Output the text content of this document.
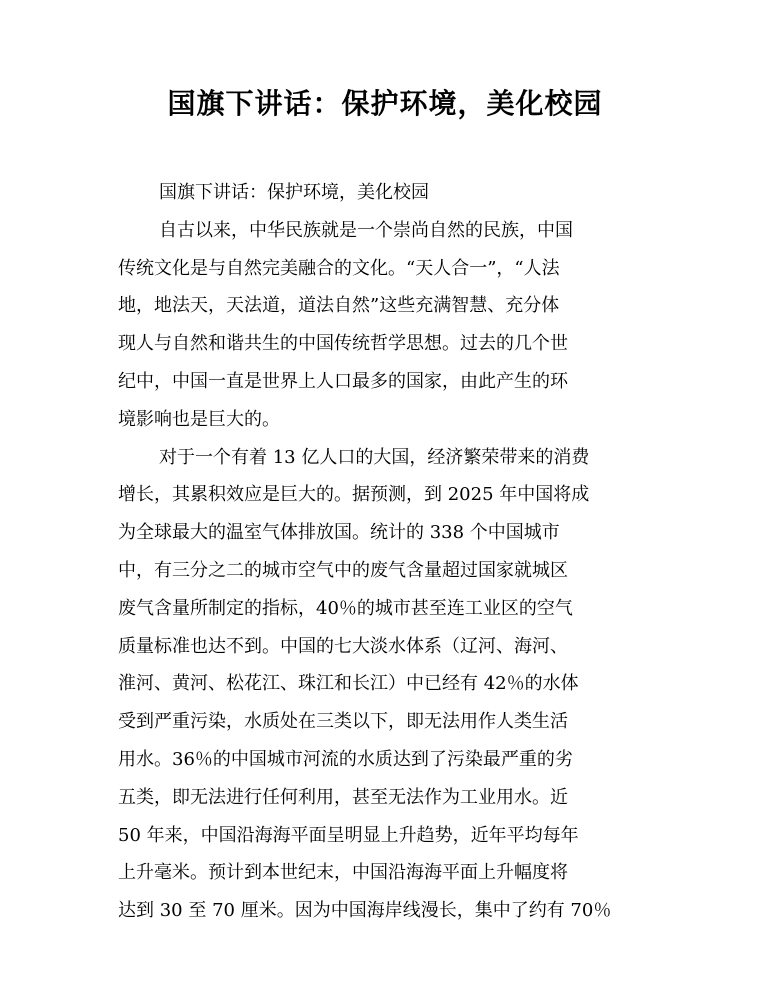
国旗下讲话：保护环境，美化校园
国旗下讲话：保护环境，美化校园
自古以来，中华民族就是一个崇尚自然的民族，中国
传统文化是与自然完美融合的文化。“天人合一”，“人法
地，地法天，天法道，道法自然”这些充满智慧、充分体
现人与自然和谐共生的中国传统哲学思想。过去的几个世
纪中，中国一直是世界上人口最多的国家，由此产生的环
境影响也是巨大的。
对于一个有着 13 亿人口的大国，经济繁荣带来的消费
增长，其累积效应是巨大的。据预测，到 2025 年中国将成
为全球最大的温室气体排放国。统计的 338 个中国城市
中，有三分之二的城市空气中的废气含量超过国家就城区
废气含量所制定的指标，40％的城市甚至连工业区的空气
质量标准也达不到。中国的七大淡水体系（辽河、海河、
淮河、黄河、松花江、珠江和长江）中已经有 42％的水体
受到严重污染，水质处在三类以下，即无法用作人类生活
用水。36％的中国城市河流的水质达到了污染最严重的劣
五类，即无法进行任何利用，甚至无法作为工业用水。近
50 年来，中国沿海海平面呈明显上升趋势，近年平均每年
上升毫米。预计到本世纪末，中国沿海海平面上升幅度将
达到 30 至 70 厘米。因为中国海岸线漫长，集中了约有 70％
